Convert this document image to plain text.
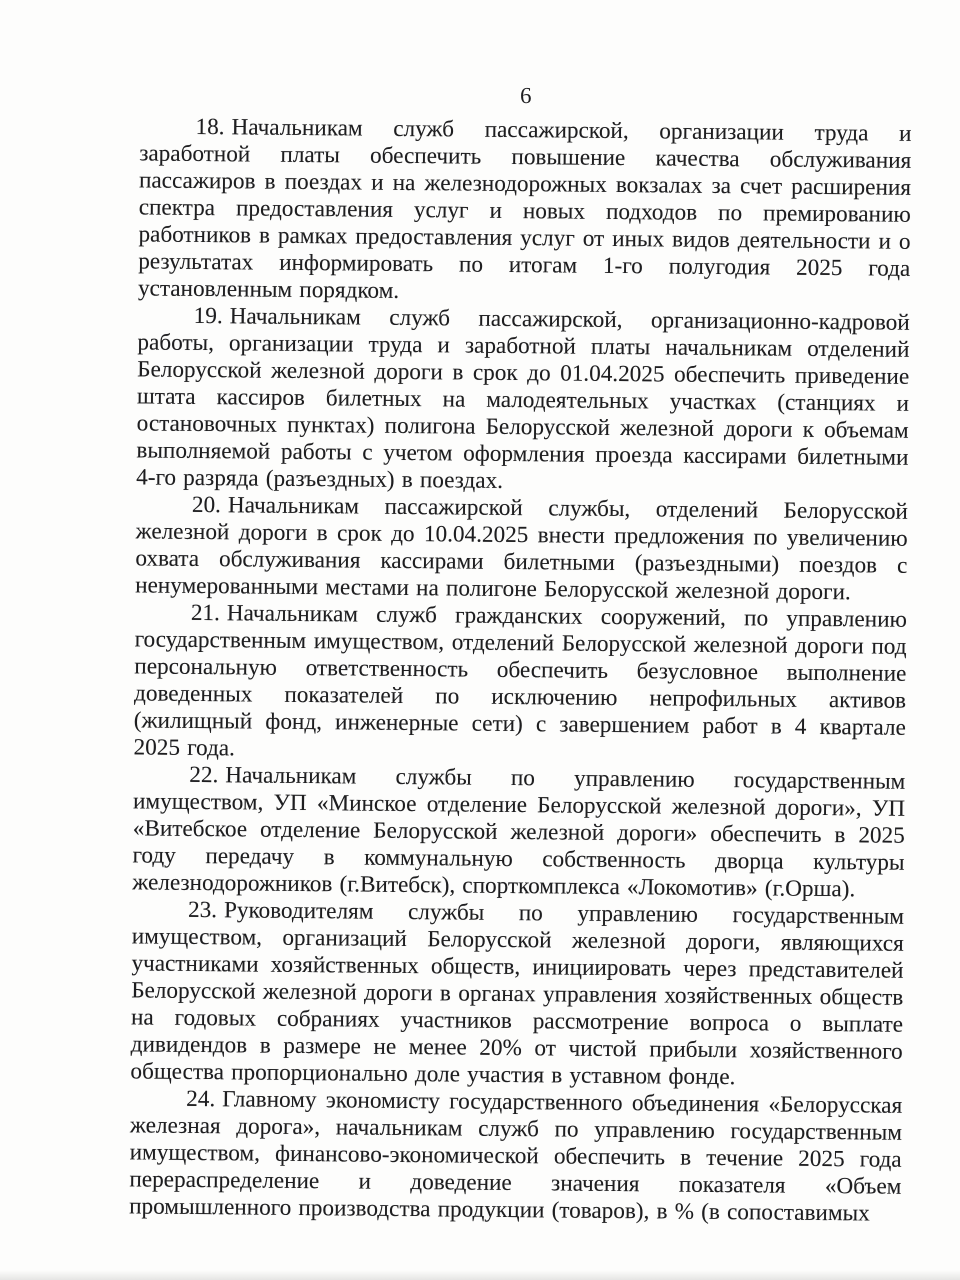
6

18. Начальникам служб пассажирской, организации труда и заработной платы обеспечить повышение качества обслуживания пассажиров в поездах и на железнодорожных вокзалах за счет расширения спектра предоставления услуг и новых подходов по премированию работников в рамках предоставления услуг от иных видов деятельности и о результатах информировать по итогам 1-го полугодия 2025 года установленным порядком.

19. Начальникам служб пассажирской, организационно-кадровой работы, организации труда и заработной платы начальникам отделений Белорусской железной дороги в срок до 01.04.2025 обеспечить приведение штата кассиров билетных на малодеятельных участках (станциях и остановочных пунктах) полигона Белорусской железной дороги к объемам выполняемой работы с учетом оформления проезда кассирами билетными 4-го разряда (разъездных) в поездах.

20. Начальникам пассажирской службы, отделений Белорусской железной дороги в срок до 10.04.2025 внести предложения по увеличению охвата обслуживания кассирами билетными (разъездными) поездов с ненумерованными местами на полигоне Белорусской железной дороги.

21. Начальникам служб гражданских сооружений, по управлению государственным имуществом, отделений Белорусской железной дороги под персональную ответственность обеспечить безусловное выполнение доведенных показателей по исключению непрофильных активов (жилищный фонд, инженерные сети) с завершением работ в 4 квартале 2025 года.

22. Начальникам службы по управлению государственным имуществом, УП «Минское отделение Белорусской железной дороги», УП «Витебское отделение Белорусской железной дороги» обеспечить в 2025 году передачу в коммунальную собственность дворца культуры железнодорожников (г.Витебск), спорткомплекса «Локомотив» (г.Орша).

23. Руководителям службы по управлению государственным имуществом, организаций Белорусской железной дороги, являющихся участниками хозяйственных обществ, инициировать через представителей Белорусской железной дороги в органах управления хозяйственных обществ на годовых собраниях участников рассмотрение вопроса о выплате дивидендов в размере не менее 20% от чистой прибыли хозяйственного общества пропорционально доле участия в уставном фонде.

24. Главному экономисту государственного объединения «Белорусская железная дорога», начальникам служб по управлению государственным имуществом, финансово-экономической обеспечить в течение 2025 года перераспределение и доведение значения показателя «Объем промышленного производства продукции (товаров), в % (в сопоставимых
